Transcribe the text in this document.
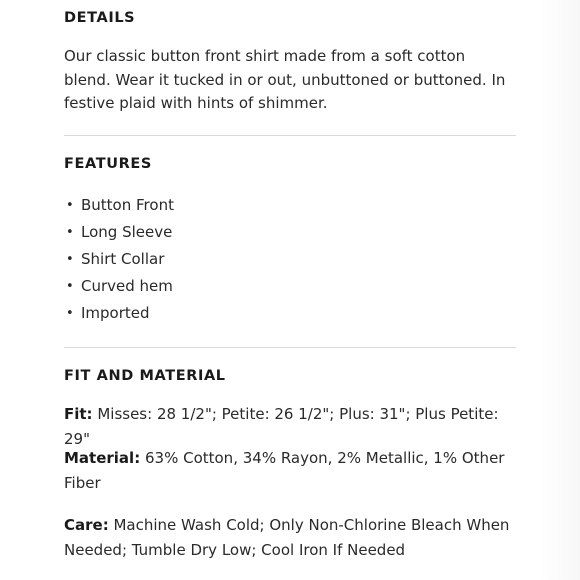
DETAILS

Our classic button front shirt made from a soft cotton blend. Wear it tucked in or out, unbuttoned or buttoned. In festive plaid with hints of shimmer.

FEATURES
• Button Front
• Long Sleeve
• Shirt Collar
• Curved hem
• Imported
FIT AND MATERIAL

Fit: Misses: 28 1/2"; Petite: 26 1/2"; Plus: 31"; Plus Petite: 29"

Material: 63% Cotton, 34% Rayon, 2% Metallic, 1% Other Fiber

Care: Machine Wash Cold; Only Non-Chlorine Bleach When Needed; Tumble Dry Low; Cool Iron If Needed
